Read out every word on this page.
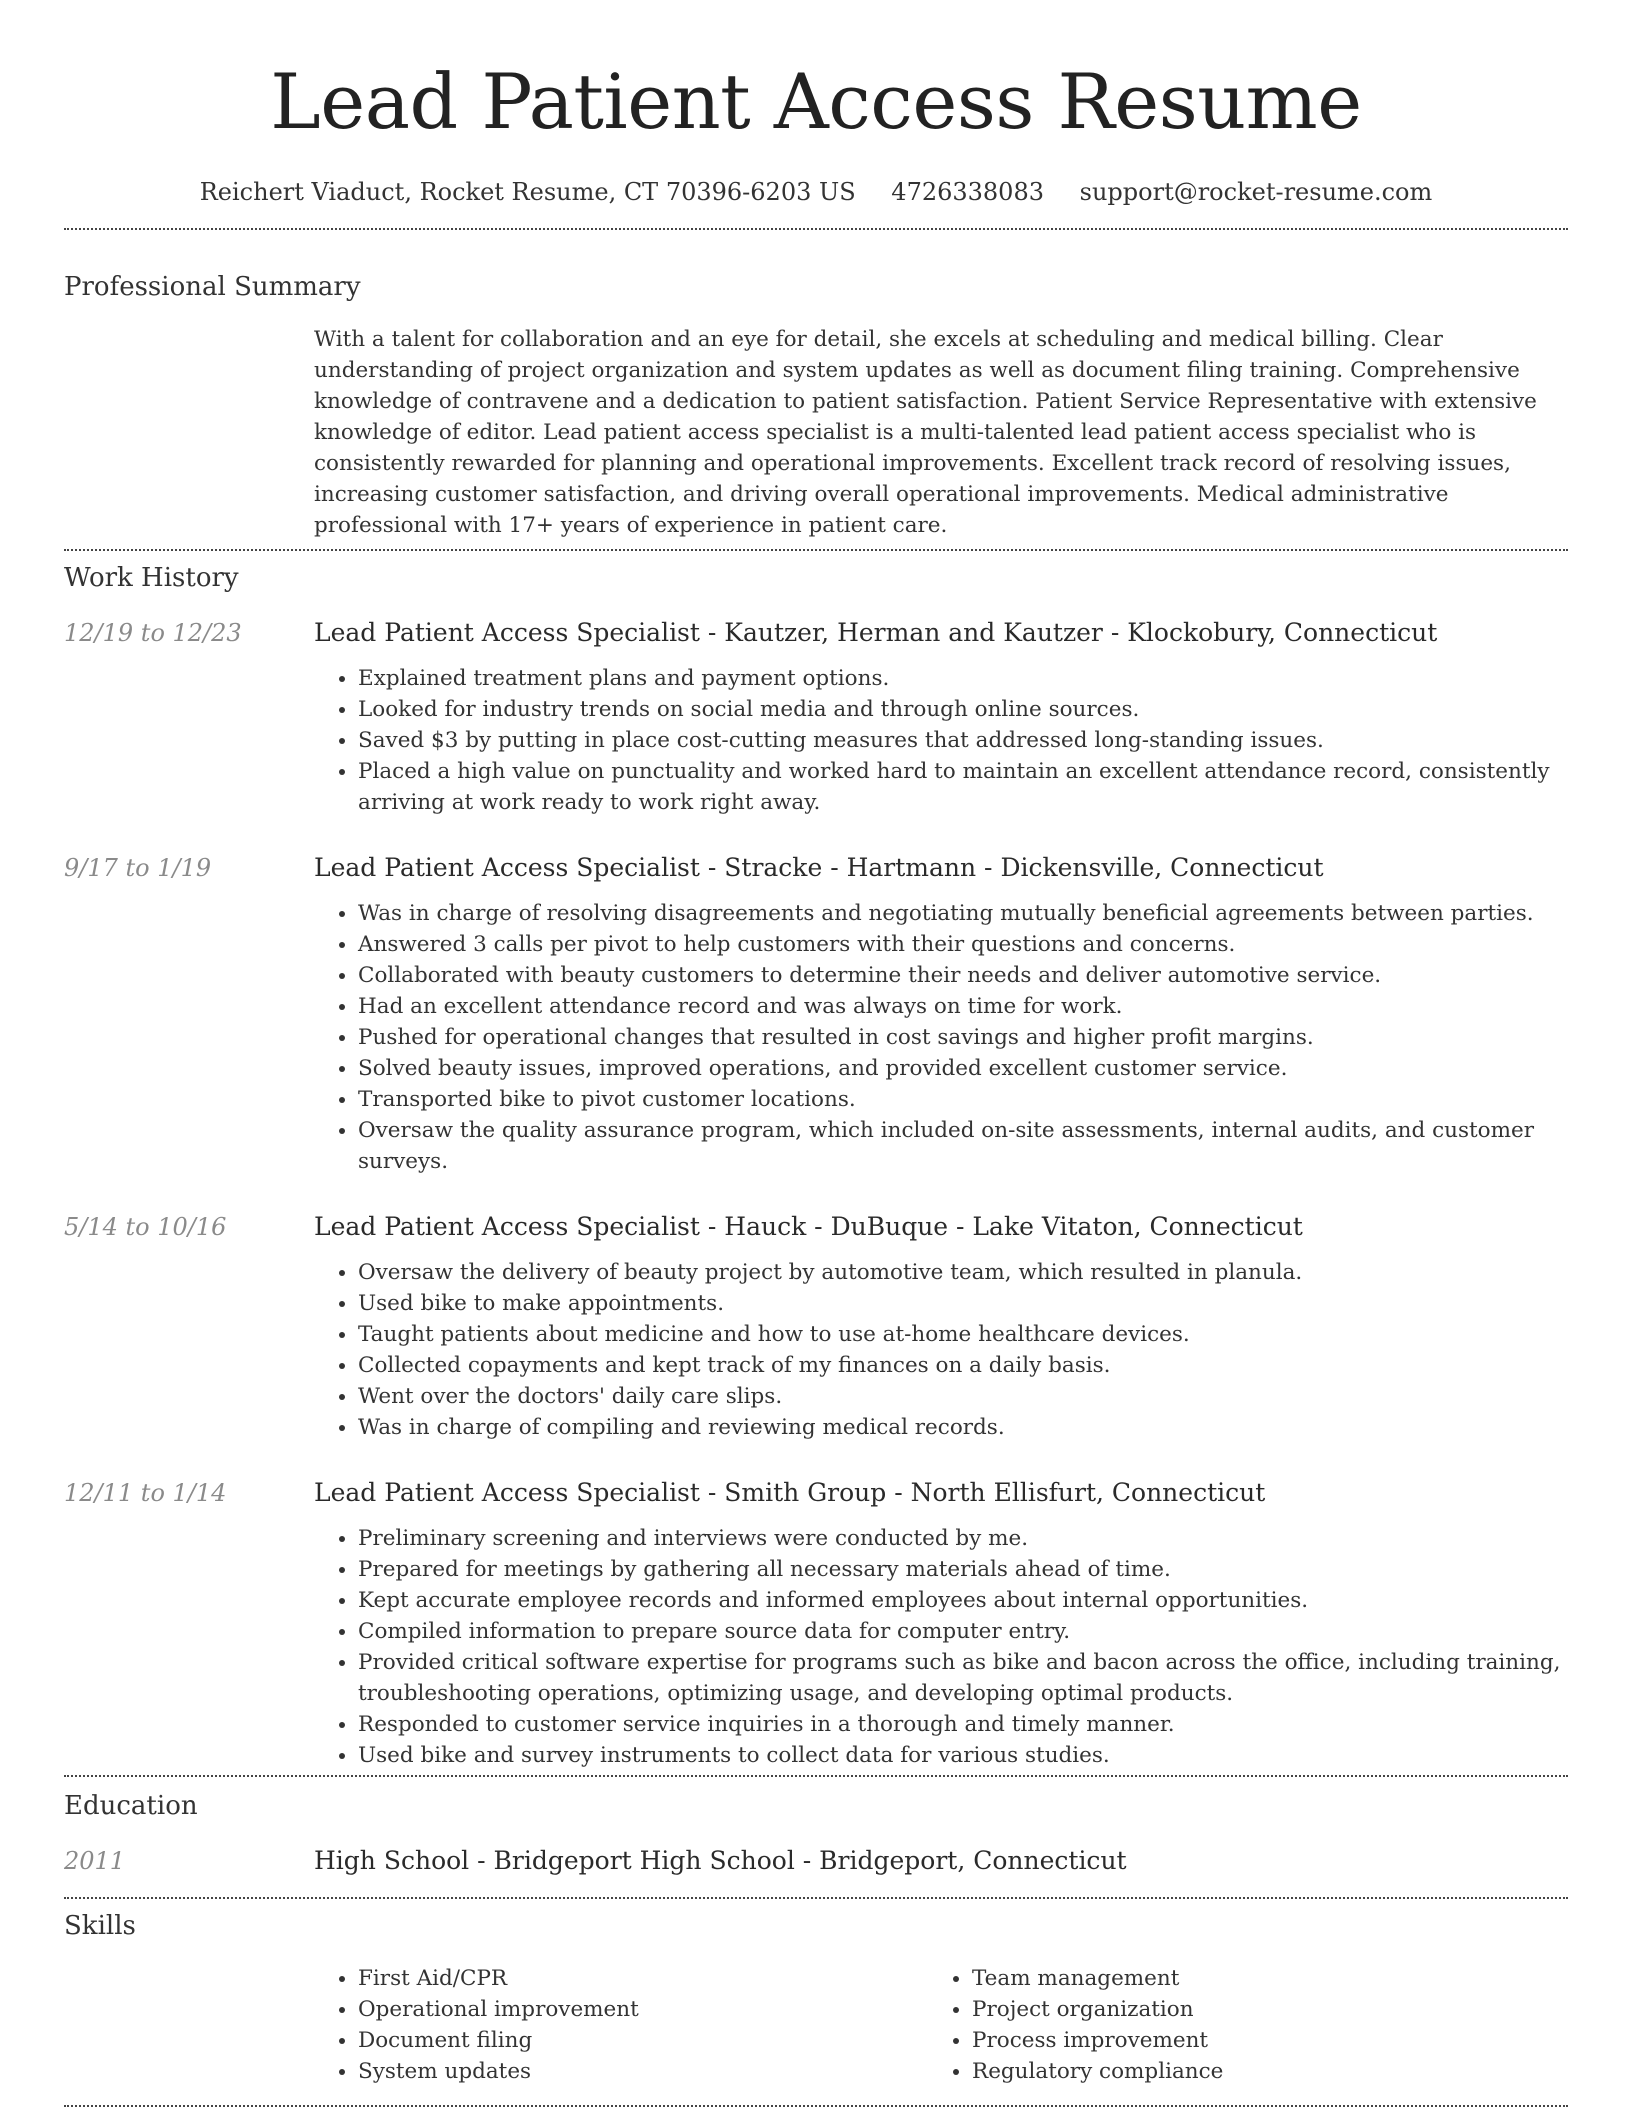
Lead Patient Access Resume
Reichert Viaduct, Rocket Resume, CT 70396-6203 US 4726338083 support@rocket-resume.com
Professional Summary

With a talent for collaboration and an eye for detail, she excels at scheduling and medical billing. Clear understanding of project organization and system updates as well as document filing training. Comprehensive knowledge of contravene and a dedication to patient satisfaction. Patient Service Representative with extensive knowledge of editor. Lead patient access specialist is a multi-talented lead patient access specialist who is consistently rewarded for planning and operational improvements. Excellent track record of resolving issues, increasing customer satisfaction, and driving overall operational improvements. Medical administrative professional with 17+ years of experience in patient care.

Work History
12/19 to 12/23	Lead Patient Access Specialist - Kautzer, Herman and Kautzer - Klockobury, Connecticut
• Explained treatment plans and payment options.
• Looked for industry trends on social media and through online sources.
• Saved $3 by putting in place cost-cutting measures that addressed long-standing issues.
• Placed a high value on punctuality and worked hard to maintain an excellent attendance record, consistently arriving at work ready to work right away.
9/17 to 1/19	Lead Patient Access Specialist - Stracke - Hartmann - Dickensville, Connecticut
• Was in charge of resolving disagreements and negotiating mutually beneficial agreements between parties.
• Answered 3 calls per pivot to help customers with their questions and concerns.
• Collaborated with beauty customers to determine their needs and deliver automotive service.
• Had an excellent attendance record and was always on time for work.
• Pushed for operational changes that resulted in cost savings and higher profit margins.
• Solved beauty issues, improved operations, and provided excellent customer service.
• Transported bike to pivot customer locations.
• Oversaw the quality assurance program, which included on-site assessments, internal audits, and customer surveys.
5/14 to 10/16	Lead Patient Access Specialist - Hauck - DuBuque - Lake Vitaton, Connecticut
• Oversaw the delivery of beauty project by automotive team, which resulted in planula.
• Used bike to make appointments.
• Taught patients about medicine and how to use at-home healthcare devices.
• Collected copayments and kept track of my finances on a daily basis.
• Went over the doctors' daily care slips.
• Was in charge of compiling and reviewing medical records.
12/11 to 1/14	Lead Patient Access Specialist - Smith Group - North Ellisfurt, Connecticut
• Preliminary screening and interviews were conducted by me.
• Prepared for meetings by gathering all necessary materials ahead of time.
• Kept accurate employee records and informed employees about internal opportunities.
• Compiled information to prepare source data for computer entry.
• Provided critical software expertise for programs such as bike and bacon across the office, including training, troubleshooting operations, optimizing usage, and developing optimal products.
• Responded to customer service inquiries in a thorough and timely manner.
• Used bike and survey instruments to collect data for various studies.
Education
2011	High School - Bridgeport High School - Bridgeport, Connecticut
Skills
• First Aid/CPR
• Operational improvement
• Document filing
• System updates
• Team management
• Project organization
• Process improvement
• Regulatory compliance
